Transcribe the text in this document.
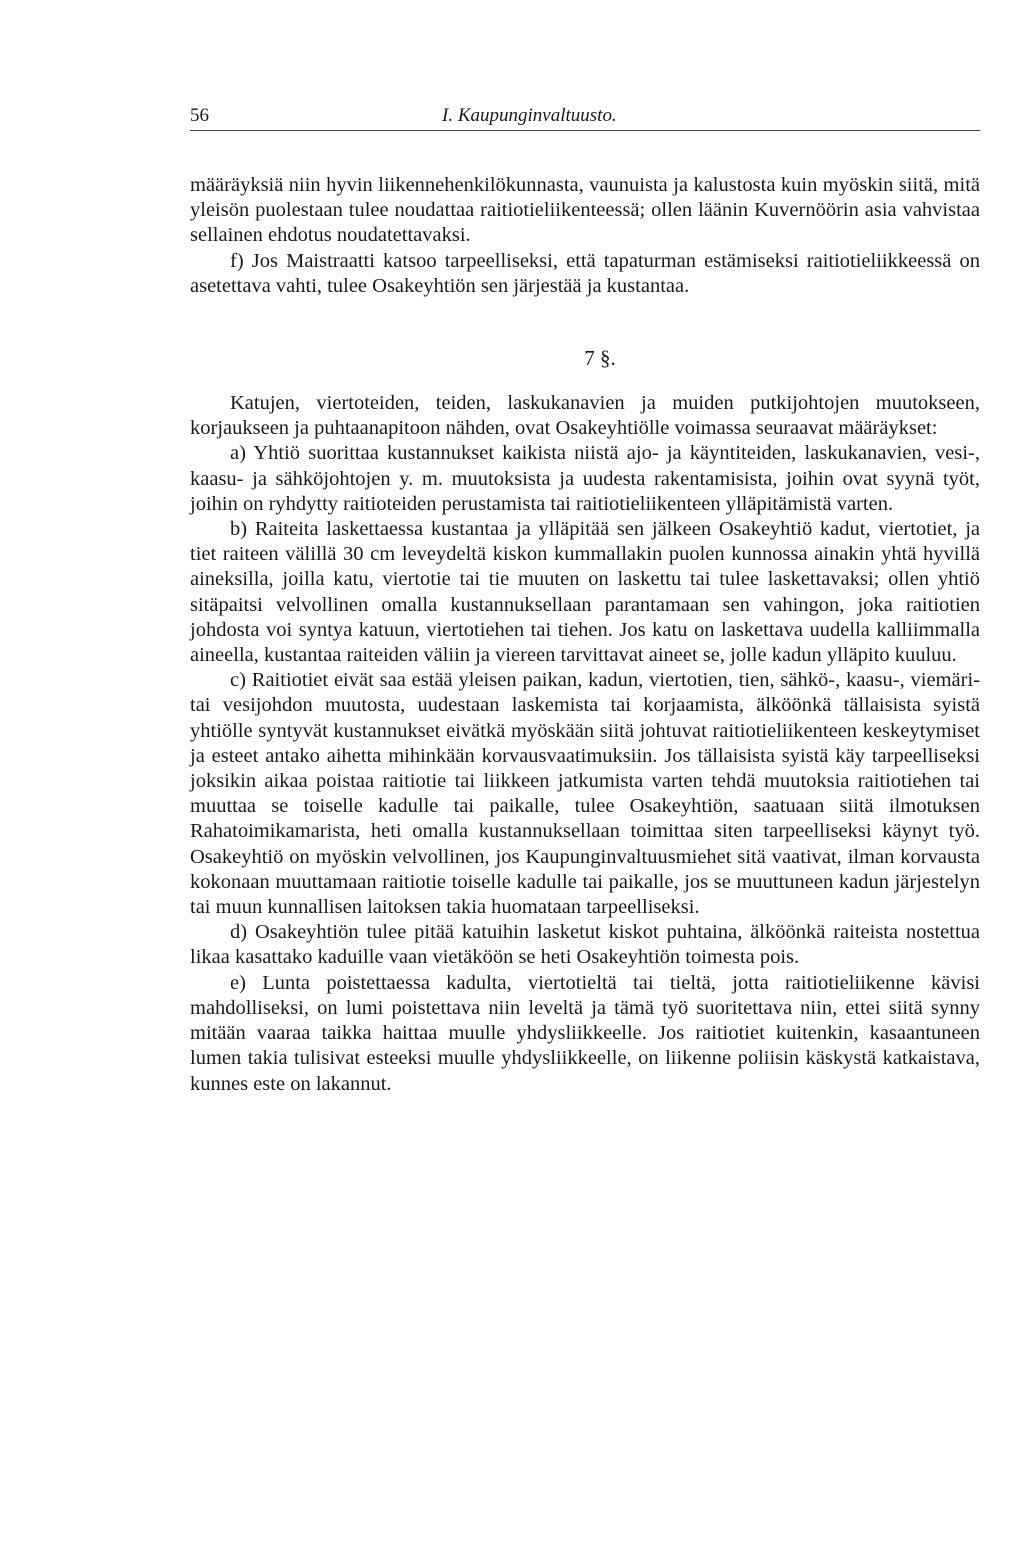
56	I. Kaupunginvaltuusto.

määräyksiä niin hyvin liikennehenkilökunnasta, vaunuista ja kalustosta kuin myöskin siitä, mitä yleisön puolestaan tulee noudattaa raitiotieliikenteessä; ollen läänin Kuvernöörin asia vahvistaa sellainen ehdotus noudatettavaksi.

f) Jos Maistraatti katsoo tarpeelliseksi, että tapaturman estämiseksi raitiotieliikkeessä on asetettava vahti, tulee Osakeyhtiön sen järjestää ja kustantaa.

7 §.

Katujen, viertoteiden, teiden, laskukanavien ja muiden putkijohtojen muutokseen, korjaukseen ja puhtaanapitoon nähden, ovat Osakeyhtiölle voimassa seuraavat määräykset:

a) Yhtiö suorittaa kustannukset kaikista niistä ajo- ja käyntiteiden, laskukanavien, vesi-, kaasu- ja sähköjohtojen y. m. muutoksista ja uudesta rakentamisista, joihin ovat syynä työt, joihin on ryhdytty raitioteiden perustamista tai raitiotieliikenteen ylläpitämistä varten.

b) Raiteita laskettaessa kustantaa ja ylläpitää sen jälkeen Osakeyhtiö kadut, viertotiet, ja tiet raiteen välillä 30 cm leveydeltä kiskon kummallakin puolen kunnossa ainakin yhtä hyvillä aineksilla, joilla katu, viertotie tai tie muuten on laskettu tai tulee laskettavaksi; ollen yhtiö sitäpaitsi velvollinen omalla kustannuksellaan parantamaan sen vahingon, joka raitiotien johdosta voi syntya katuun, viertotiehen tai tiehen. Jos katu on laskettava uudella kalliimmalla aineella, kustantaa raiteiden väliin ja viereen tarvittavat aineet se, jolle kadun ylläpito kuuluu.

c) Raitiotiet eivät saa estää yleisen paikan, kadun, viertotien, tien, sähkö-, kaasu-, viemäri- tai vesijohdon muutosta, uudestaan laskemista tai korjaamista, älköönkä tällaisista syistä yhtiölle syntyvät kustannukset eivätkä myöskään siitä johtuvat raitiotieliikenteen keskeytymiset ja esteet antako aihetta mihinkään korvausvaatimuksiin. Jos tällaisista syistä käy tarpeelliseksi joksikin aikaa poistaa raitiotie tai liikkeen jatkumista varten tehdä muutoksia raitiotiehen tai muuttaa se toiselle kadulle tai paikalle, tulee Osakeyhtiön, saatuaan siitä ilmotuksen Rahatoimikamarista, heti omalla kustannuksellaan toimittaa siten tarpeelliseksi käynyt työ. Osakeyhtiö on myöskin velvollinen, jos Kaupunginvaltuusmiehet sitä vaativat, ilman korvausta kokonaan muuttamaan raitiotie toiselle kadulle tai paikalle, jos se muuttuneen kadun järjestelyn tai muun kunnallisen laitoksen takia huomataan tarpeelliseksi.

d) Osakeyhtiön tulee pitää katuihin lasketut kiskot puhtaina, älköönkä raiteista nostettua likaa kasattako kaduille vaan vietäköön se heti Osakeyhtiön toimesta pois.

e) Lunta poistettaessa kadulta, viertotieltä tai tieltä, jotta raitiotieliikenne kävisi mahdolliseksi, on lumi poistettava niin leveltä ja tämä työ suoritettava niin, ettei siitä synny mitään vaaraa taikka haittaa muulle yhdysliikkeelle. Jos raitiotiet kuitenkin, kasaantuneen lumen takia tulisivat esteeksi muulle yhdysliikkeelle, on liikenne poliisin käskystä katkaistava, kunnes este on lakannut.
